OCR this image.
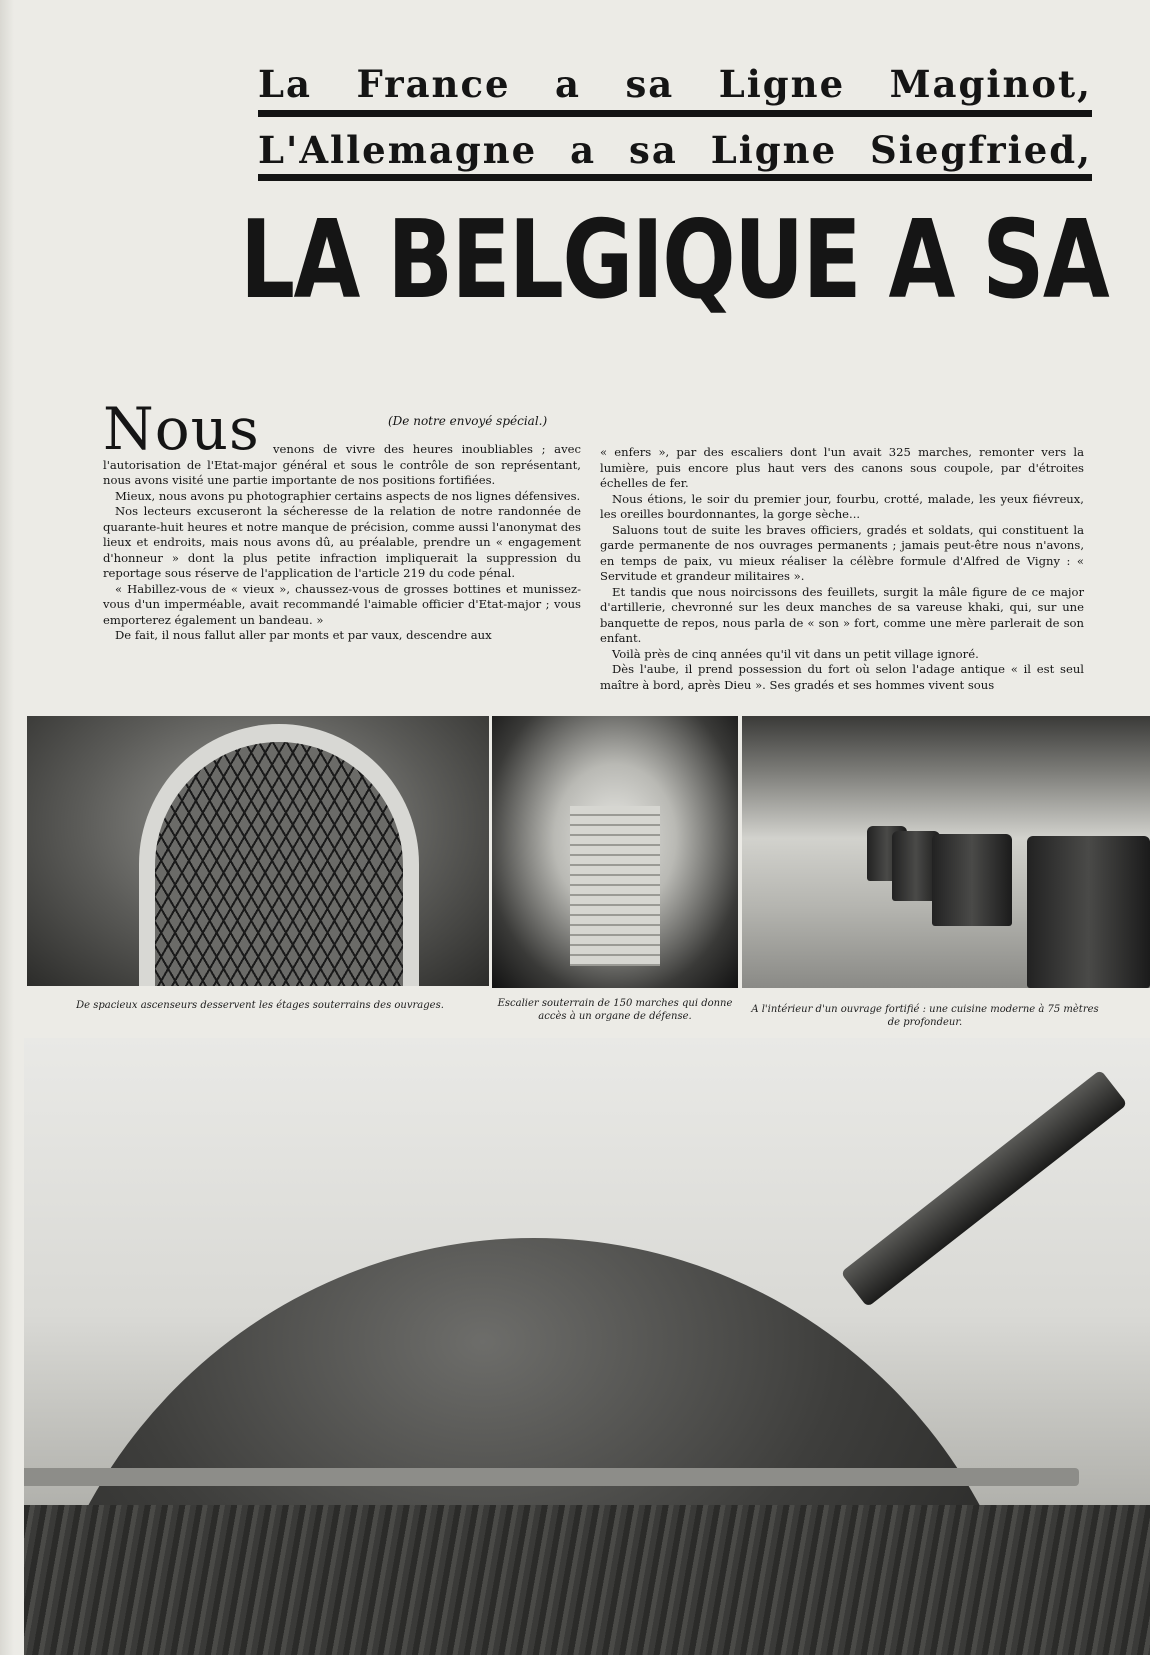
La France a sa Ligne Maginot,
L'Allemagne a sa Ligne Siegfried,
LA BELGIQUE A SA
Nous	(De notre envoyé spécial.)

venons de vivre des heures inoubliables ; avec l'autorisation de l'Etat-major général et sous le contrôle de son représentant, nous avons visité une partie importante de nos positions fortifiées.

Mieux, nous avons pu photographier certains aspects de nos lignes défensives.

Nos lecteurs excuseront la sécheresse de la relation de notre randonnée de quarante-huit heures et notre manque de précision, comme aussi l'anonymat des lieux et endroits, mais nous avons dû, au préalable, prendre un « engagement d'honneur » dont la plus petite infraction impliquerait la suppression du reportage sous réserve de l'application de l'article 219 du code pénal.

« Habillez-vous de « vieux », chaussez-vous de grosses bottines et munissez-vous d'un imperméable, avait recommandé l'aimable officier d'Etat-major ; vous emporterez également un bandeau. »

De fait, il nous fallut aller par monts et par vaux, descendre aux

« enfers », par des escaliers dont l'un avait 325 marches, remonter vers la lumière, puis encore plus haut vers des canons sous coupole, par d'étroites échelles de fer.

Nous étions, le soir du premier jour, fourbu, crotté, malade, les yeux fiévreux, les oreilles bourdonnantes, la gorge sèche...

Saluons tout de suite les braves officiers, gradés et soldats, qui constituent la garde permanente de nos ouvrages permanents ; jamais peut-être nous n'avons, en temps de paix, vu mieux réaliser la célèbre formule d'Alfred de Vigny : « Servitude et grandeur militaires ».

Et tandis que nous noircissons des feuillets, surgit la mâle figure de ce major d'artillerie, chevronné sur les deux manches de sa vareuse khaki, qui, sur une banquette de repos, nous parla de « son » fort, comme une mère parlerait de son enfant.

Voilà près de cinq années qu'il vit dans un petit village ignoré.

Dès l'aube, il prend possession du fort où selon l'adage antique « il est seul maître à bord, après Dieu ». Ses gradés et ses hommes vivent sous

De spacieux ascenseurs desservent les étages souterrains des ouvrages.	Escalier souterrain de 150 marches qui donne accès à un organe de défense.
A l'intérieur d'un ouvrage fortifié : une cuisine moderne à 75 mètres de profondeur.
